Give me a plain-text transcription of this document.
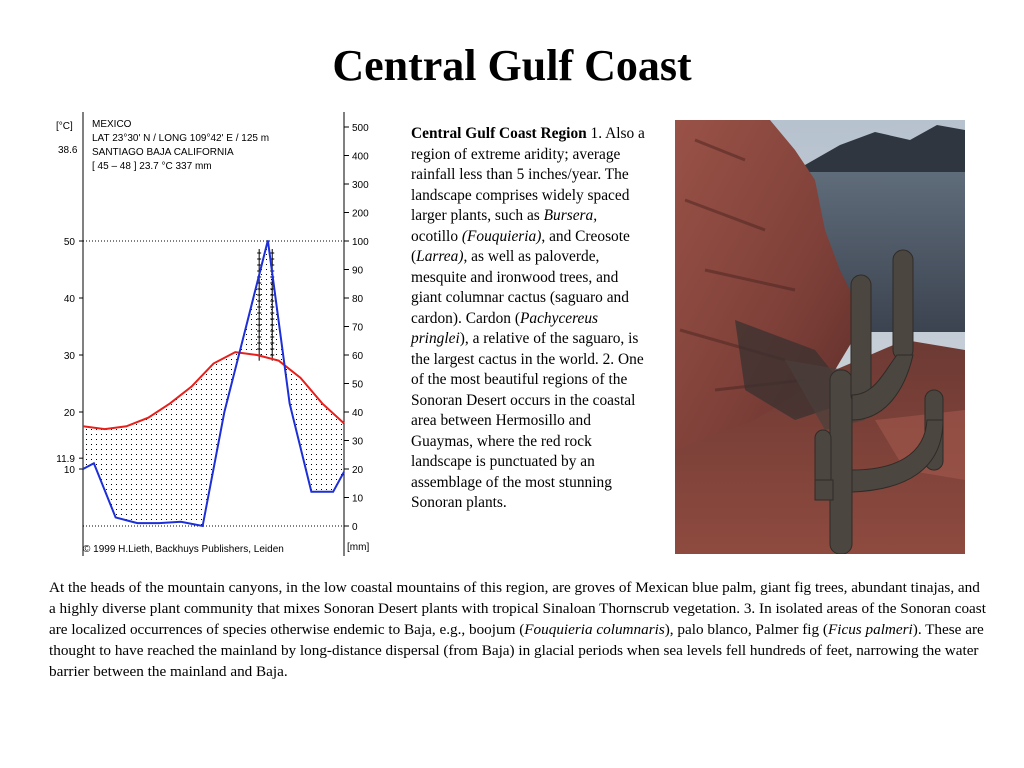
Central Gulf Coast
[°C] MEXICO
LAT 23°30' N / LONG 109°42' E / 125 m
SANTIAGO BAJA CALIFORNIA
[ 45 – 48 ] 23.7 °C 337 mm
38.6
© 1999 H.Lieth, Backhuys Publishers, Leiden	[mm]
50
40
30
20
10
11.9
500
400
300
200
100
90
80
70
60
50
40
30
20
10
0
Central Gulf Coast Region 1. Also a region of extreme aridity; average rainfall less than 5 inches/year. The landscape comprises widely spaced larger plants, such as Bursera, ocotillo (Fouquieria), and Creosote (Larrea), as well as paloverde, mesquite and ironwood trees, and giant columnar cactus (saguaro and cardon). Cardon (Pachycereus pringlei), a relative of the saguaro, is the largest cactus in the world. 2. One of the most beautiful regions of the Sonoran Desert occurs in the coastal area between Hermosillo and Guaymas, where the red rock landscape is punctuated by an assemblage of the most stunning Sonoran plants.
At the heads of the mountain canyons, in the low coastal mountains of this region, are groves of Mexican blue palm, giant fig trees, abundant tinajas, and a highly diverse plant community that mixes Sonoran Desert plants with tropical Sinaloan Thornscrub vegetation. 3. In isolated areas of the Sonoran coast are localized occurrences of species otherwise endemic to Baja, e.g., boojum (Fouquieria columnaris), palo blanco, Palmer fig (Ficus palmeri). These are thought to have reached the mainland by long-distance dispersal (from Baja) in glacial periods when sea levels fell hundreds of feet, narrowing the water barrier between the mainland and Baja.
